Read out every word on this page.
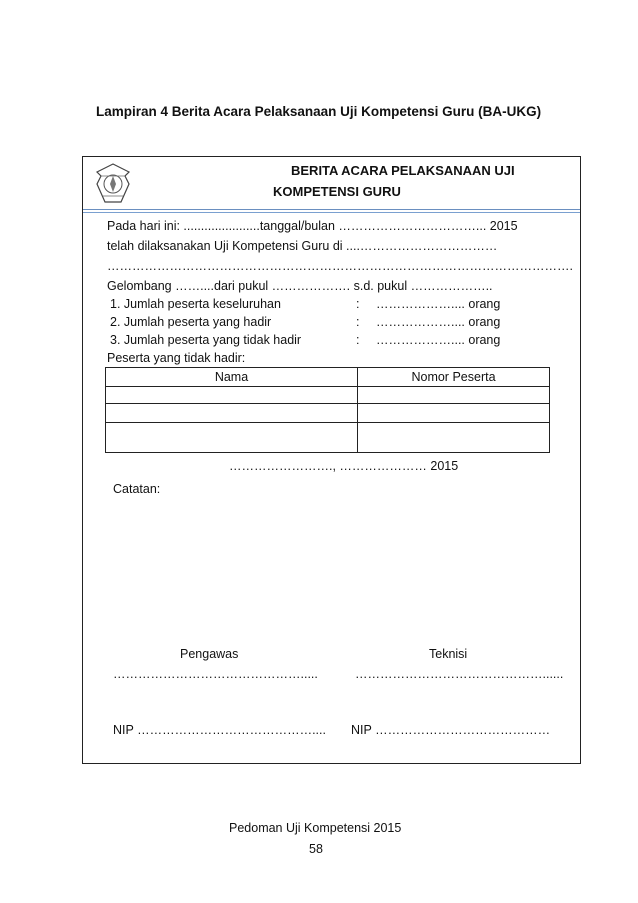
Lampiran 4 Berita Acara Pelaksanaan Uji Kompetensi Guru (BA-UKG)
BERITA ACARA PELAKSANAAN UJI
KOMPETENSI GURU
Pada hari ini: ......................tanggal/bulan ……………………………... 2015
telah dilaksanakan Uji Kompetensi Guru di ....……………………………
………………………………………………………………………………………………….
Gelombang ……....dari pukul ………………. s.d. pukul ………………..
1. Jumlah peserta keseluruhan	: ……………….... orang
2. Jumlah peserta yang hadir	: ……………….... orang
3. Jumlah peserta yang tidak hadir	: ……………….... orang
Peserta yang tidak hadir:
Nama	Nomor Peserta

……………………., ………………… 2015
Catatan:
Pengawas	Teknisi
……………………………………….....	………………………………………......
NIP …………………………………….... NIP ……………………………………
Pedoman Uji Kompetensi 2015
58
